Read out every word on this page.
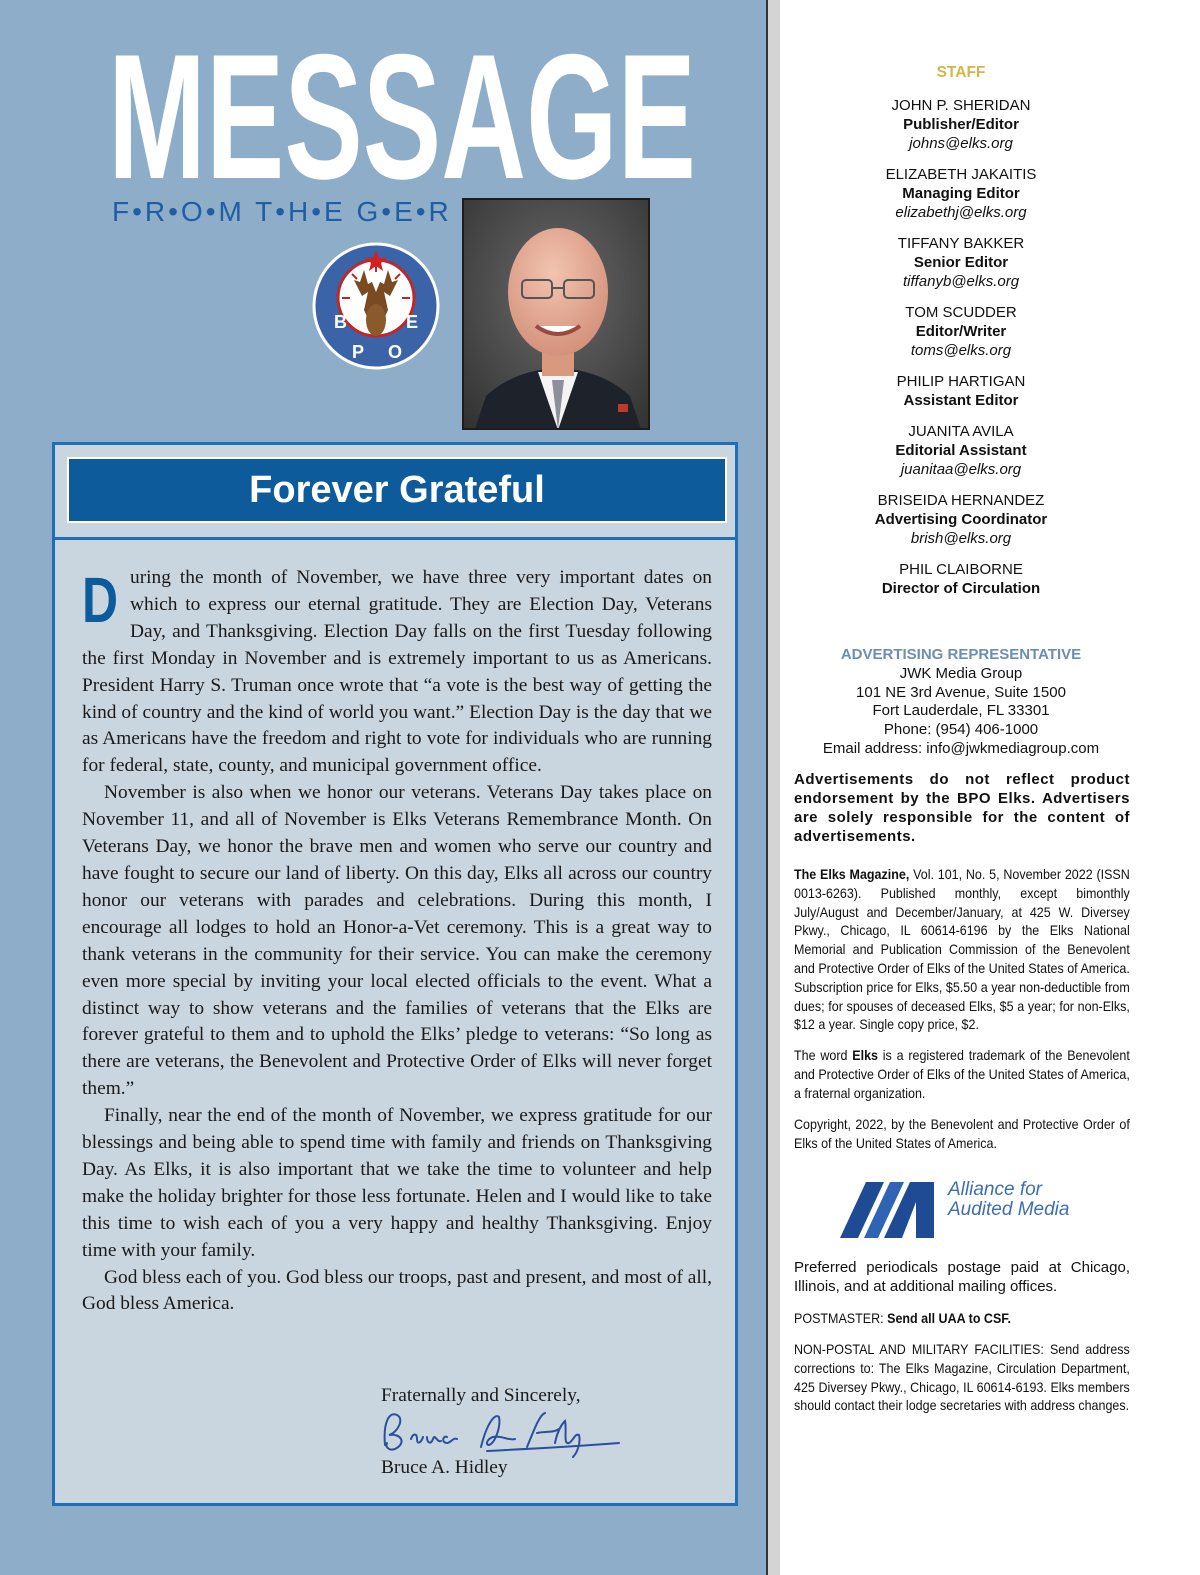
MESSAGE
F•R•O•M T•H•E G•E•R
B
P O
E
Forever Grateful

During the month of November, we have three very important dates on which to express our eternal gratitude. They are Election Day, Veterans Day, and Thanksgiving. Election Day falls on the first Tuesday following the first Monday in November and is extremely important to us as Americans. President Harry S. Truman once wrote that “a vote is the best way of getting the kind of country and the kind of world you want.” Election Day is the day that we as Americans have the freedom and right to vote for individuals who are running for federal, state, county, and municipal government office.

November is also when we honor our veterans. Veterans Day takes place on November 11, and all of November is Elks Veterans Remembrance Month. On Veterans Day, we honor the brave men and women who serve our country and have fought to secure our land of liberty. On this day, Elks all across our country honor our veterans with parades and celebrations. During this month, I encourage all lodges to hold an Honor-a-Vet ceremony. This is a great way to thank veterans in the community for their service. You can make the ceremony even more special by inviting your local elected officials to the event. What a distinct way to show veterans and the families of veterans that the Elks are forever grateful to them and to uphold the Elks’ pledge to veterans: “So long as there are veterans, the Benevolent and Protective Order of Elks will never forget them.”

Finally, near the end of the month of November, we express gratitude for our blessings and being able to spend time with family and friends on Thanksgiving Day. As Elks, it is also important that we take the time to volunteer and help make the holiday brighter for those less fortunate. Helen and I would like to take this time to wish each of you a very happy and healthy Thanksgiving. Enjoy time with your family.

God bless each of you. God bless our troops, past and present, and most of all, God bless America.

Fraternally and Sincerely,
Bruce A. Hidley
STAFF
JOHN P. SHERIDAN
Publisher/Editor
johns@elks.org
ELIZABETH JAKAITIS
Managing Editor
elizabethj@elks.org
TIFFANY BAKKER
Senior Editor
tiffanyb@elks.org
TOM SCUDDER
Editor/Writer
toms@elks.org
PHILIP HARTIGAN
Assistant Editor
JUANITA AVILA
Editorial Assistant
juanitaa@elks.org
BRISEIDA HERNANDEZ
Advertising Coordinator
brish@elks.org
PHIL CLAIBORNE
Director of Circulation
ADVERTISING REPRESENTATIVE
JWK Media Group
101 NE 3rd Avenue, Suite 1500
Fort Lauderdale, FL 33301
Phone: (954) 406-1000
Email address: info@jwkmediagroup.com
Advertisements do not reflect product endorsement by the BPO Elks. Advertisers are solely responsible for the content of advertisements.
The Elks Magazine, Vol. 101, No. 5, November 2022 (ISSN 0013-6263). Published monthly, except bimonthly July/August and December/January, at 425 W. Diversey Pkwy., Chicago, IL 60614-6196 by the Elks National Memorial and Publication Commission of the Benevolent and Protective Order of Elks of the United States of America. Subscription price for Elks, $5.50 a year non-deductible from dues; for spouses of deceased Elks, $5 a year; for non-Elks, $12 a year. Single copy price, $2.
The word Elks is a registered trademark of the Benevolent and Protective Order of Elks of the United States of America, a fraternal organization.
Copyright, 2022, by the Benevolent and Protective Order of Elks of the United States of America.
Alliance for
Audited Media
Preferred periodicals postage paid at Chicago, Illinois, and at additional mailing offices.
POSTMASTER: Send all UAA to CSF.
NON-POSTAL AND MILITARY FACILITIES: Send address corrections to: The Elks Magazine, Circulation Department, 425 Diversey Pkwy., Chicago, IL 60614-6193. Elks members should contact their lodge secretaries with address changes.
